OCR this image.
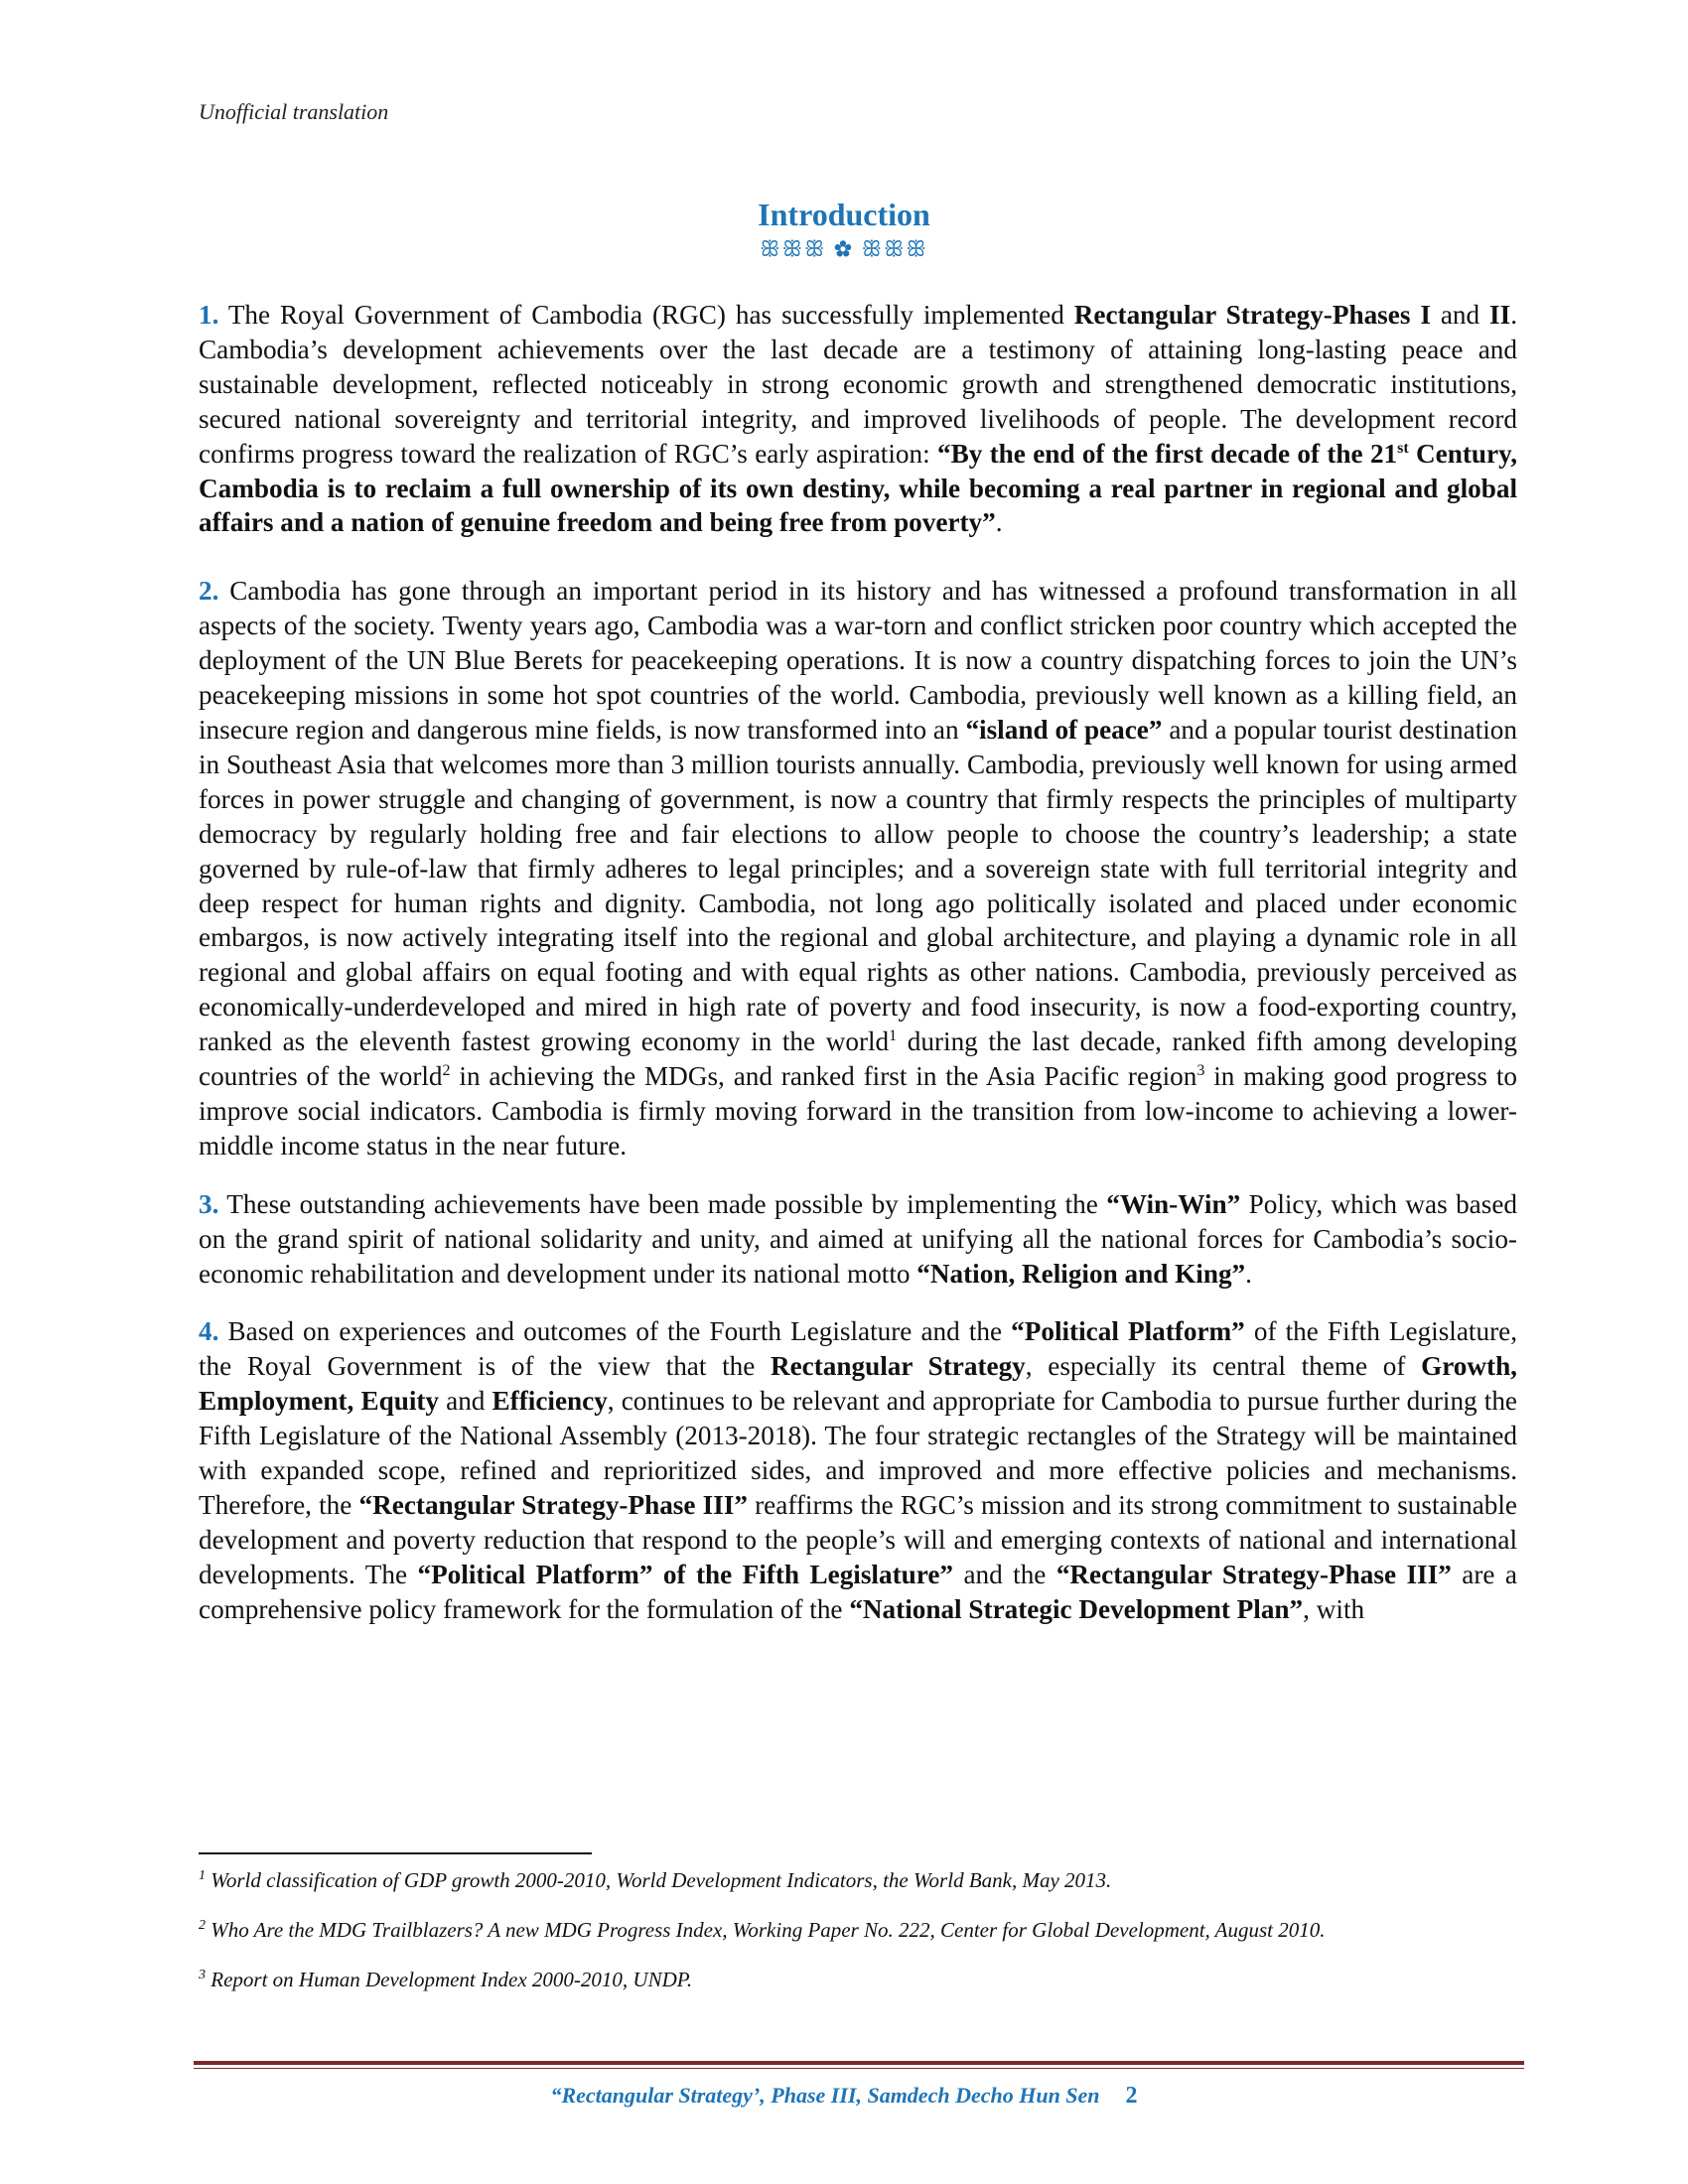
Unofficial translation
Introduction
ꕥꕥꕥ ✿ ꕥꕥꕥ

1. The Royal Government of Cambodia (RGC) has successfully implemented Rectangular Strategy-Phases I and II. Cambodia’s development achievements over the last decade are a testimony of attaining long-lasting peace and sustainable development, reflected noticeably in strong economic growth and strengthened democratic institutions, secured national sovereignty and territorial integrity, and improved livelihoods of people. The development record confirms progress toward the realization of RGC’s early aspiration: “By the end of the first decade of the 21st Century, Cambodia is to reclaim a full ownership of its own destiny, while becoming a real partner in regional and global affairs and a nation of genuine freedom and being free from poverty”.

2. Cambodia has gone through an important period in its history and has witnessed a profound transformation in all aspects of the society. Twenty years ago, Cambodia was a war-torn and conflict stricken poor country which accepted the deployment of the UN Blue Berets for peacekeeping operations. It is now a country dispatching forces to join the UN’s peacekeeping missions in some hot spot countries of the world. Cambodia, previously well known as a killing field, an insecure region and dangerous mine fields, is now transformed into an “island of peace” and a popular tourist destination in Southeast Asia that welcomes more than 3 million tourists annually. Cambodia, previously well known for using armed forces in power struggle and changing of government, is now a country that firmly respects the principles of multiparty democracy by regularly holding free and fair elections to allow people to choose the country’s leadership; a state governed by rule-of-law that firmly adheres to legal principles; and a sovereign state with full territorial integrity and deep respect for human rights and dignity. Cambodia, not long ago politically isolated and placed under economic embargos, is now actively integrating itself into the regional and global architecture, and playing a dynamic role in all regional and global affairs on equal footing and with equal rights as other nations. Cambodia, previously perceived as economically-underdeveloped and mired in high rate of poverty and food insecurity, is now a food-exporting country, ranked as the eleventh fastest growing economy in the world$^1$ during the last decade, ranked fifth among developing countries of the world$^2$ in achieving the MDGs, and ranked first in the Asia Pacific region$^3$ in making good progress to improve social indicators. Cambodia is firmly moving forward in the transition from low-income to achieving a lower-middle income status in the near future.

3. These outstanding achievements have been made possible by implementing the “Win-Win” Policy, which was based on the grand spirit of national solidarity and unity, and aimed at unifying all the national forces for Cambodia’s socio-economic rehabilitation and development under its national motto “Nation, Religion and King”.

4. Based on experiences and outcomes of the Fourth Legislature and the “Political Platform” of the Fifth Legislature, the Royal Government is of the view that the Rectangular Strategy, especially its central theme of Growth, Employment, Equity and Efficiency, continues to be relevant and appropriate for Cambodia to pursue further during the Fifth Legislature of the National Assembly (2013-2018). The four strategic rectangles of the Strategy will be maintained with expanded scope, refined and reprioritized sides, and improved and more effective policies and mechanisms. Therefore, the “Rectangular Strategy-Phase III” reaffirms the RGC’s mission and its strong commitment to sustainable development and poverty reduction that respond to the people’s will and emerging contexts of national and international developments. The “Political Platform” of the Fifth Legislature” and the “Rectangular Strategy-Phase III” are a comprehensive policy framework for the formulation of the “National Strategic Development Plan”, with

$^1$ World classification of GDP growth 2000-2010, World Development Indicators, the World Bank, May 2013.

$^2$ Who Are the MDG Trailblazers? A new MDG Progress Index, Working Paper No. 222, Center for Global Development, August 2010.

$^3$ Report on Human Development Index 2000-2010, UNDP.

“Rectangular Strategy’, Phase III, Samdech Decho Hun Sen 2
